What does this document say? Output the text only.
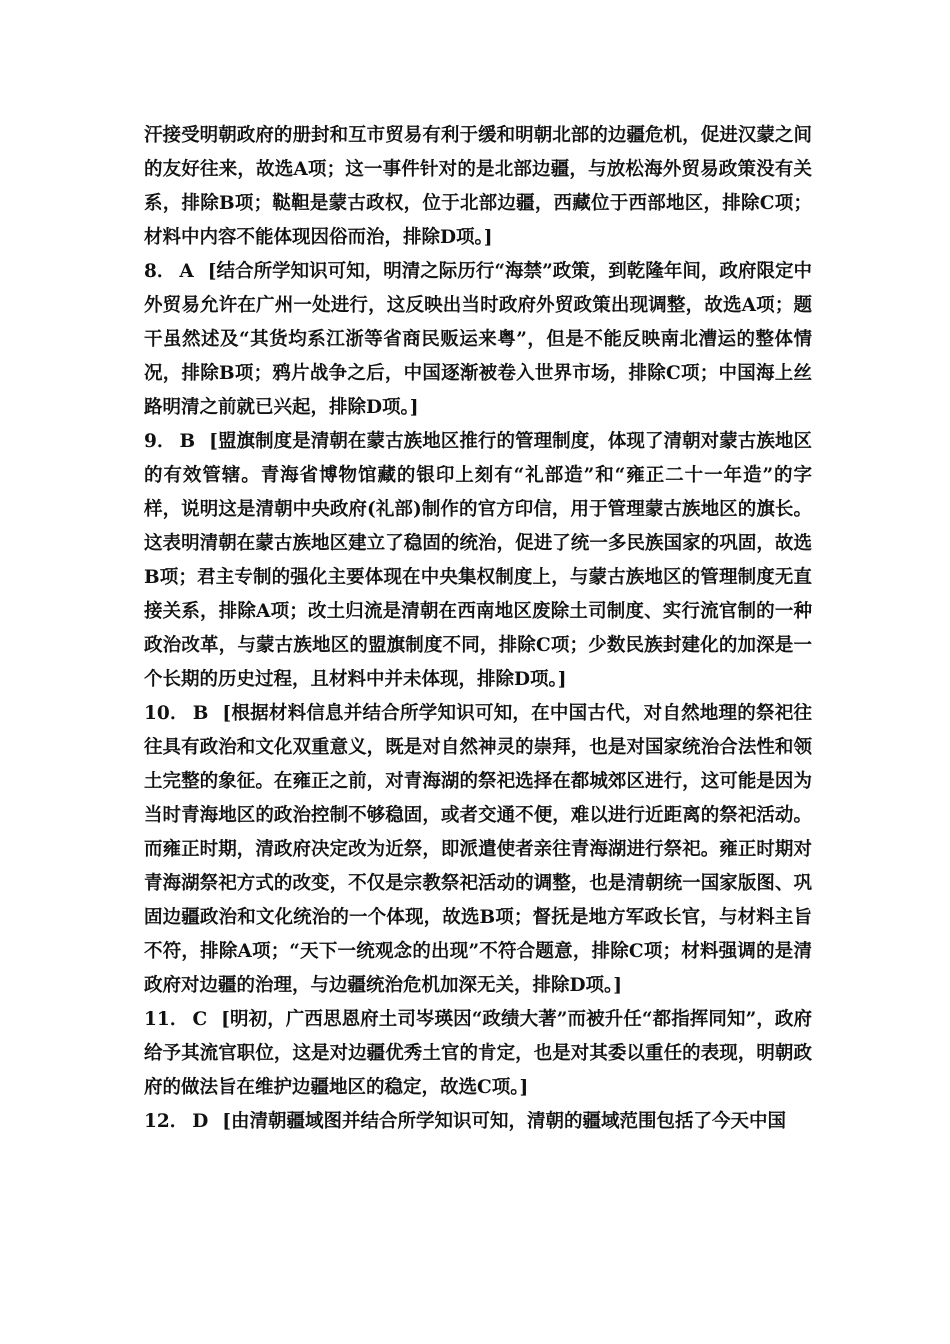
汗接受明朝政府的册封和互市贸易有利于缓和明朝北部的边疆危机，促进汉蒙之间的友好往来，故选A项；这一事件针对的是北部边疆，与放松海外贸易政策没有关系，排除B项；鞑靼是蒙古政权，位于北部边疆，西藏位于西部地区，排除C项；材料中内容不能体现因俗而治，排除D项。]

8． A [结合所学知识可知，明清之际历行“海禁”政策，到乾隆年间，政府限定中外贸易允许在广州一处进行，这反映出当时政府外贸政策出现调整，故选A项；题干虽然述及“其货均系江浙等省商民贩运来粤”，但是不能反映南北漕运的整体情况，排除B项；鸦片战争之后，中国逐渐被卷入世界市场，排除C项；中国海上丝路明清之前就已兴起，排除D项。]

9． B [盟旗制度是清朝在蒙古族地区推行的管理制度，体现了清朝对蒙古族地区的有效管辖。青海省博物馆藏的银印上刻有“礼部造”和“雍正二十一年造”的字样，说明这是清朝中央政府(礼部)制作的官方印信，用于管理蒙古族地区的旗长。这表明清朝在蒙古族地区建立了稳固的统治，促进了统一多民族国家的巩固，故选B项；君主专制的强化主要体现在中央集权制度上，与蒙古族地区的管理制度无直接关系，排除A项；改土归流是清朝在西南地区废除土司制度、实行流官制的一种政治改革，与蒙古族地区的盟旗制度不同，排除C项；少数民族封建化的加深是一个长期的历史过程，且材料中并未体现，排除D项。]

10． B [根据材料信息并结合所学知识可知，在中国古代，对自然地理的祭祀往往具有政治和文化双重意义，既是对自然神灵的崇拜，也是对国家统治合法性和领土完整的象征。在雍正之前，对青海湖的祭祀选择在都城郊区进行，这可能是因为当时青海地区的政治控制不够稳固，或者交通不便，难以进行近距离的祭祀活动。而雍正时期，清政府决定改为近祭，即派遣使者亲往青海湖进行祭祀。雍正时期对青海湖祭祀方式的改变，不仅是宗教祭祀活动的调整，也是清朝统一国家版图、巩固边疆政治和文化统治的一个体现，故选B项；督抚是地方军政长官，与材料主旨不符，排除A项；“天下一统观念的出现”不符合题意，排除C项；材料强调的是清政府对边疆的治理，与边疆统治危机加深无关，排除D项。]

11． C [明初，广西思恩府土司岑瑛因“政绩大著”而被升任“都指挥同知”，政府给予其流官职位，这是对边疆优秀土官的肯定，也是对其委以重任的表现，明朝政府的做法旨在维护边疆地区的稳定，故选C项。]

12． D [由清朝疆域图并结合所学知识可知，清朝的疆域范围包括了今天中国
